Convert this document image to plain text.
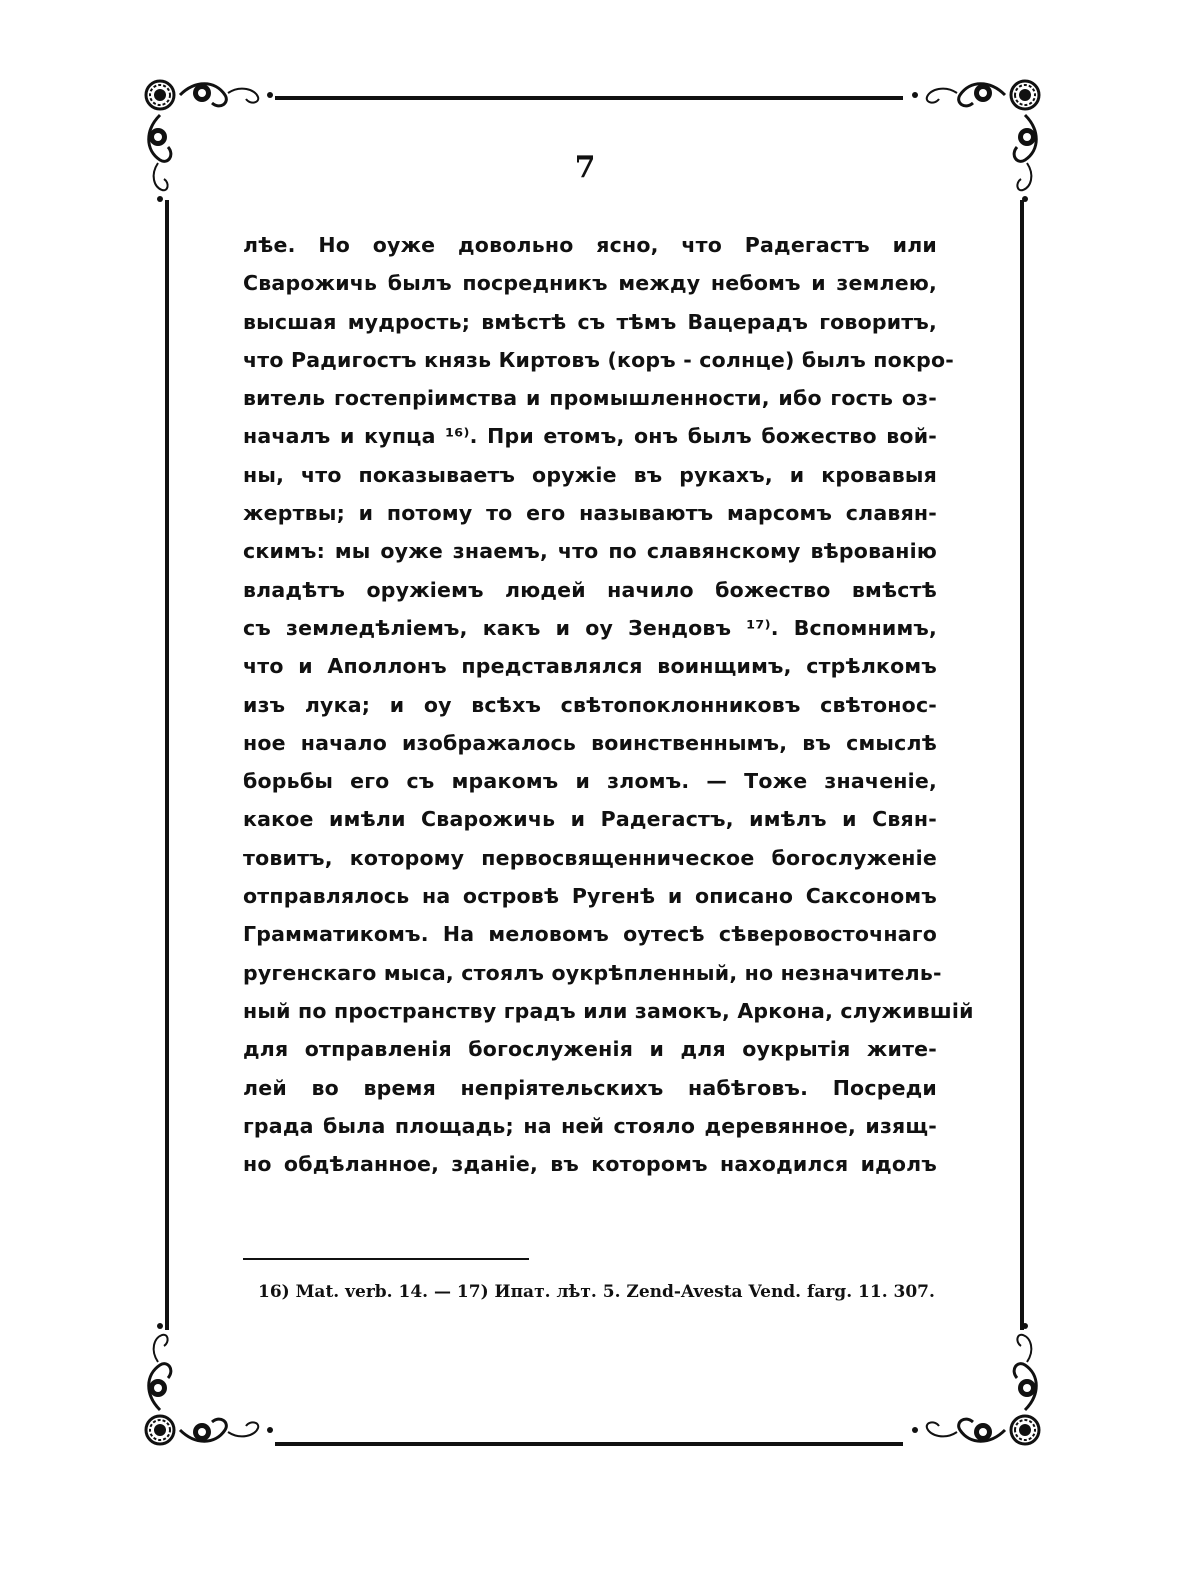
7
лѣе. Но оуже довольно ясно, что Радегастъ или
Сварожичь былъ посредникъ между небомъ и землею,
высшая мудрость; вмѣстѣ съ тѣмъ Вацерадъ говоритъ,
что Радигостъ князь Киртовъ (коръ - солнце) былъ покро-
витель гостепріимства и промышленности, ибо гость оз-
началъ и купца ¹⁶⁾. При етомъ, онъ былъ божество вой-
ны, что показываетъ оружіе въ рукахъ, и кровавыя
жертвы; и потому то его называютъ марсомъ славян-
скимъ: мы оуже знаемъ, что по славянскому вѣрованію
владѣтъ оружіемъ людей начило божество вмѣстѣ
съ земледѣліемъ, какъ и оу Зендовъ ¹⁷⁾. Вспомнимъ,
что и Аполлонъ представлялся воинщимъ, стрѣлкомъ
изъ лука; и оу всѣхъ свѣтопоклонниковъ свѣтонос-
ное начало изображалось воинственнымъ, въ смыслѣ
борьбы его съ мракомъ и зломъ. — Тоже значеніе,
какое имѣли Сварожичь и Радегастъ, имѣлъ и Свян-
товитъ, которому первосвященническое богослуженіе
отправлялось на островѣ Ругенѣ и описано Саксономъ
Грамматикомъ. На меловомъ оутесѣ сѣверовосточнаго
ругенскаго мыса, стоялъ оукрѣпленный, но незначитель-
ный по пространству градъ или замокъ, Аркона, служившій
для отправленія богослуженія и для оукрытія жите-
лей во время непріятельскихъ набѣговъ. Посреди
града была площадь; на ней стояло деревянное, изящ-
но обдѣланное, зданіе, въ которомъ находился идолъ
16) Mat. verb. 14. — 17) Ипат. лѣт. 5. Zend-Avesta Vend. farg. 11. 307.
